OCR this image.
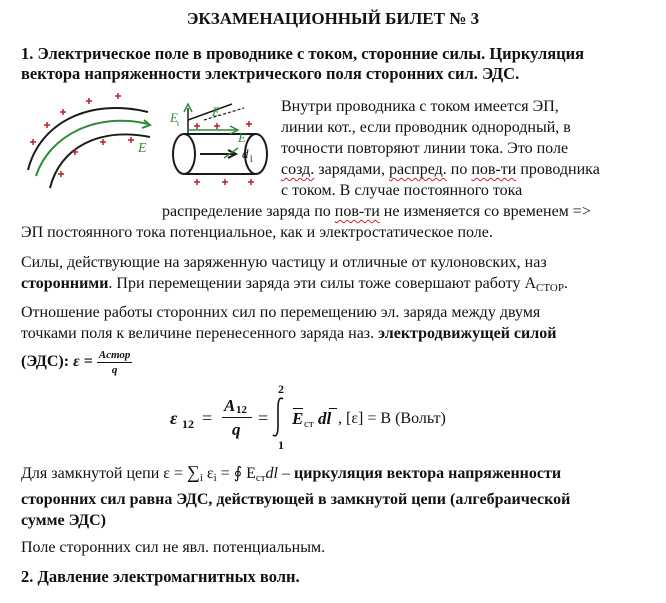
ЭКЗАМЕНАЦИОННЫЙ БИЛЕТ № 3
1. Электрическое поле в проводнике с током, сторонние силы. Циркуляция
вектора напряженности электрического поля сторонних сил. ЭДС.
E
E t
E
E
d l
Внутри проводника с током имеется ЭП,
линии кот., если проводник однородный, в
точности повторяют линии тока. Это поле
созд. зарядами, распред. по пов-ти проводника
с током. В случае постоянного тока
распределение заряда по пов-ти не изменяется со временем =>
ЭП постоянного тока потенциальное, как и электростатическое поле.
Силы, действующие на заряженную частицу и отличные от кулоновских, наз
сторонними. При перемещении заряда эти силы тоже совершают работу $A_{СТОР}$.
Отношение работы сторонних сил по перемещению эл. заряда между двумя
точками поля к величине перенесенного заряда наз. электродвижущей силой
(ЭДС): $\varepsilon = \frac{\text{Aстор}}{q}$
ε 12 =
A 12
q
=
2
1
E ст dl , [ε] = В (Вольт)
Для замкнутой цепи $\varepsilon = \sum_i$ $\varepsilon_i$ = ∮ $E_{ст}dl$ – циркуляция вектора напряженности
сторонних сил равна ЭДС, действующей в замкнутой цепи (алгебраической
сумме ЭДС)
Поле сторонних сил не явл. потенциальным.
2. Давление электромагнитных волн.
